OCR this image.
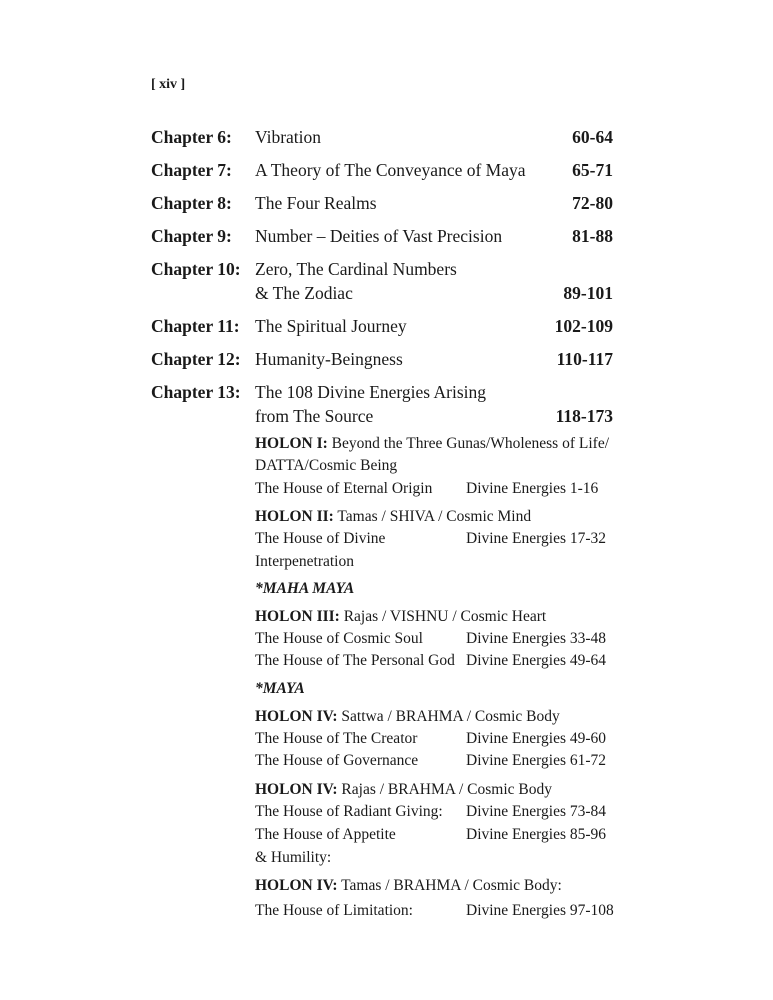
[ xiv ]
Chapter 6: Vibration	60-64
Chapter 7: A Theory of The Conveyance of Maya	65-71
Chapter 8: The Four Realms	72-80
Chapter 9: Number – Deities of Vast Precision	81-88
Chapter 10: Zero, The Cardinal Numbers
& The Zodiac	89-101
Chapter 11: The Spiritual Journey	102-109
Chapter 12: Humanity-Beingness	110-117
Chapter 13: The 108 Divine Energies Arising
from The Source	118-173
HOLON I: Beyond the Three Gunas/Wholeness of Life/
DATTA/Cosmic Being
The House of Eternal Origin Divine Energies 1-16
HOLON II: Tamas / SHIVA / Cosmic Mind
The House of Divine	Divine Energies 17-32
Interpenetration
*MAHA MAYA
HOLON III: Rajas / VISHNU / Cosmic Heart
The House of Cosmic Soul	Divine Energies 33-48
The House of The Personal God Divine Energies 49-64
*MAYA
HOLON IV: Sattwa / BRAHMA / Cosmic Body
The House of The Creator	Divine Energies 49-60
The House of Governance	Divine Energies 61-72
HOLON IV: Rajas / BRAHMA / Cosmic Body
The House of Radiant Giving: Divine Energies 73-84
The House of Appetite	Divine Energies 85-96
& Humility:
HOLON IV: Tamas / BRAHMA / Cosmic Body:
The House of Limitation:	Divine Energies 97-108
